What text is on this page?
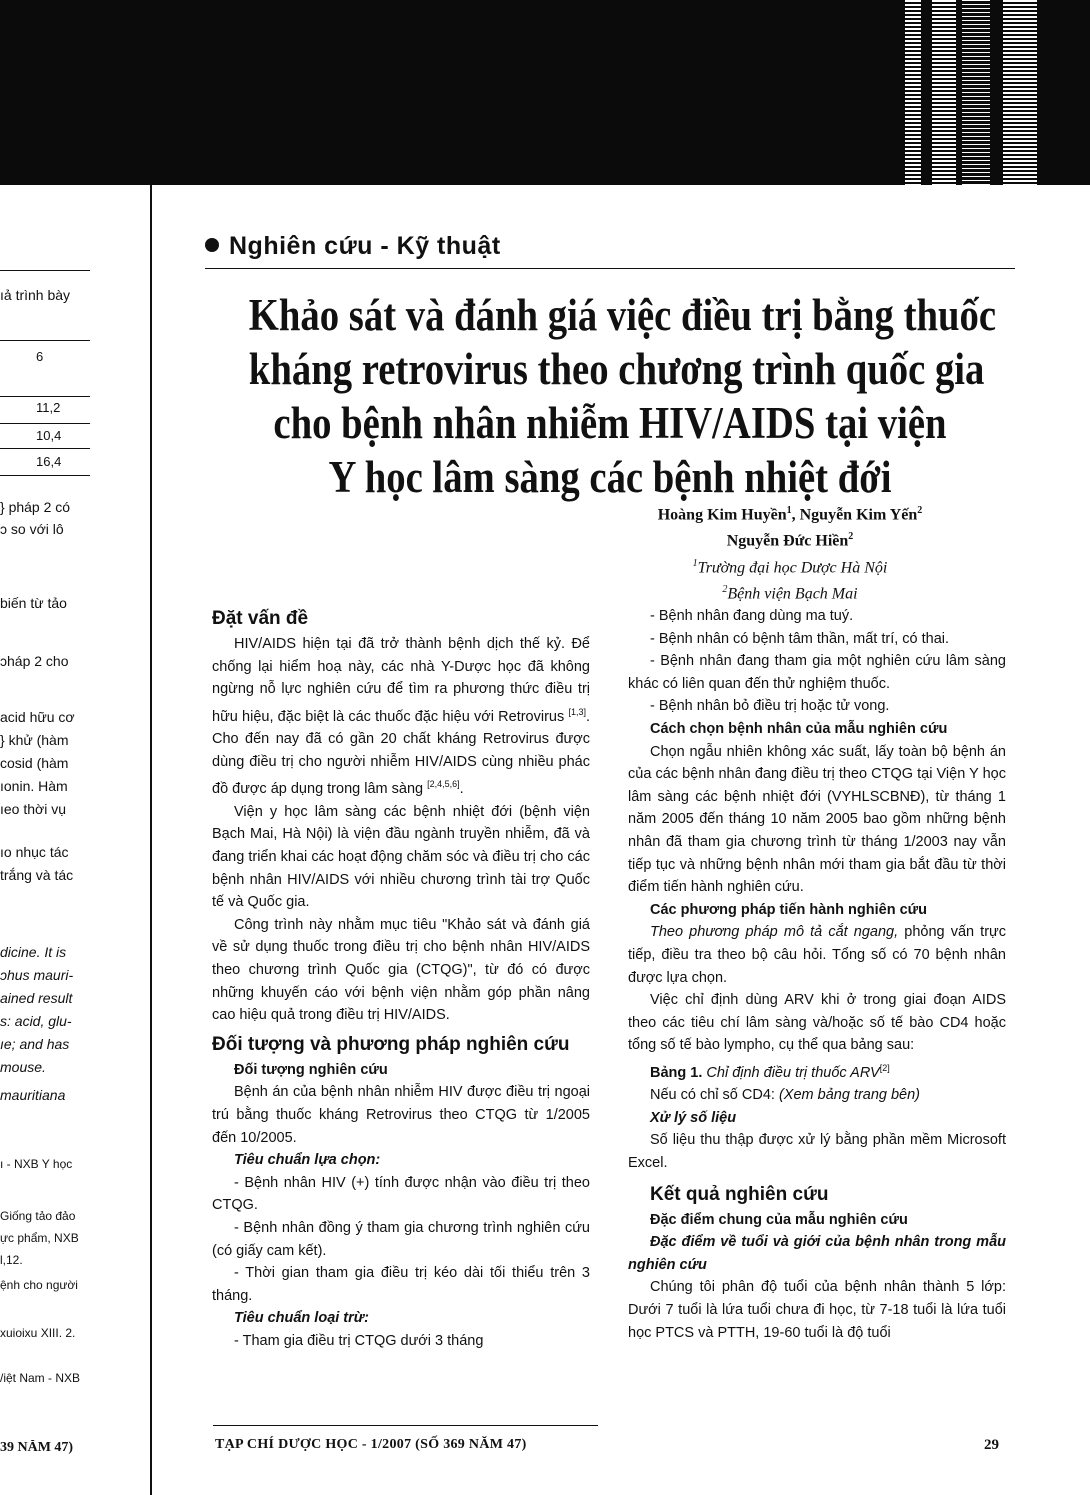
ıả trình bày
6
11,2
10,4
16,4
} pháp 2 có
ɔ so với lô
biến từ tảo
ɔháp 2 cho
acid hữu cơ
} khử (hàm
cosid (hàm
ıonin. Hàm
ıeo thời vụ
ıo nhục tác
trắng và tác
dicine. It is
ɔhus mauri-
ained result
s: acid, glu-
ıe; and has
mouse.
mauritiana
ı - NXB Y học
Giống tảo đảo
ực phẩm, NXB
l,12.
ệnh cho người
xuioixu XIII. 2.
/iệt Nam - NXB
39 NĂM 47)
Nghiên cứu - Kỹ thuật
Khảo sát và đánh giá việc điều trị bằng thuốc
kháng retrovirus theo chương trình quốc gia
cho bệnh nhân nhiễm HIV/AIDS tại viện
Y học lâm sàng các bệnh nhiệt đới
Hoàng Kim Huyền$^1$, Nguyễn Kim Yến$^2$
Nguyễn Đức Hiền$^2$
$^1$Trường đại học Dược Hà Nội
$^2$Bệnh viện Bạch Mai
Đặt vấn đề

HIV/AIDS hiện tại đã trở thành bệnh dịch thế kỷ. Để chống lại hiểm hoạ này, các nhà Y-Dược học đã không ngừng nỗ lực nghiên cứu để tìm ra phương thức điều trị hữu hiệu, đặc biệt là các thuốc đặc hiệu với Retrovirus [1,3]. Cho đến nay đã có gần 20 chất kháng Retrovirus được dùng điều trị cho người nhiễm HIV/AIDS cùng nhiều phác đồ được áp dụng trong lâm sàng [2,4,5,6].

Viện y học lâm sàng các bệnh nhiệt đới (bệnh viện Bạch Mai, Hà Nội) là viện đầu ngành truyền nhiễm, đã và đang triển khai các hoạt động chăm sóc và điều trị cho các bệnh nhân HIV/AIDS với nhiều chương trình tài trợ Quốc tế và Quốc gia.

Công trình này nhằm mục tiêu "Khảo sát và đánh giá về sử dụng thuốc trong điều trị cho bệnh nhân HIV/AIDS theo chương trình Quốc gia (CTQG)", từ đó có được những khuyến cáo với bệnh viện nhằm góp phần nâng cao hiệu quả trong điều trị HIV/AIDS.

Đối tượng và phương pháp nghiên cứu
Đối tượng nghiên cứu

Bệnh án của bệnh nhân nhiễm HIV được điều trị ngoại trú bằng thuốc kháng Retrovirus theo CTQG từ 1/2005 đến 10/2005.

Tiêu chuẩn lựa chọn:

- Bệnh nhân HIV (+) tính được nhận vào điều trị theo CTQG.

- Bệnh nhân đồng ý tham gia chương trình nghiên cứu (có giấy cam kết).

- Thời gian tham gia điều trị kéo dài tối thiểu trên 3 tháng.

Tiêu chuẩn loại trừ:

- Tham gia điều trị CTQG dưới 3 tháng

- Bệnh nhân đang dùng ma tuý.

- Bệnh nhân có bệnh tâm thần, mất trí, có thai.

- Bệnh nhân đang tham gia một nghiên cứu lâm sàng khác có liên quan đến thử nghiệm thuốc.

- Bệnh nhân bỏ điều trị hoặc tử vong.

Cách chọn bệnh nhân của mẫu nghiên cứu

Chọn ngẫu nhiên không xác suất, lấy toàn bộ bệnh án của các bệnh nhân đang điều trị theo CTQG tại Viện Y học lâm sàng các bệnh nhiệt đới (VYHLSCBNĐ), từ tháng 1 năm 2005 đến tháng 10 năm 2005 bao gồm những bệnh nhân đã tham gia chương trình từ tháng 1/2003 nay vẫn tiếp tục và những bệnh nhân mới tham gia bắt đầu từ thời điểm tiến hành nghiên cứu.

Các phương pháp tiến hành nghiên cứu

Theo phương pháp mô tả cắt ngang, phỏng vấn trực tiếp, điều tra theo bộ câu hỏi. Tổng số có 70 bệnh nhân được lựa chọn.

Việc chỉ định dùng ARV khi ở trong giai đoạn AIDS theo các tiêu chí lâm sàng và/hoặc số tế bào CD4 hoặc tổng số tế bào lympho, cụ thể qua bảng sau:

Bảng 1. Chỉ định điều trị thuốc ARV[2]

Nếu có chỉ số CD4: (Xem bảng trang bên)

Xử lý số liệu

Số liệu thu thập được xử lý bằng phần mềm Microsoft Excel.

Kết quả nghiên cứu
Đặc điểm chung của mẫu nghiên cứu

Đặc điểm về tuổi và giới của bệnh nhân trong mẫu nghiên cứu

Chúng tôi phân độ tuổi của bệnh nhân thành 5 lớp: Dưới 7 tuổi là lứa tuổi chưa đi học, từ 7-18 tuổi là lứa tuổi học PTCS và PTTH, 19-60 tuổi là độ tuổi

TẠP CHÍ DƯỢC HỌC - 1/2007 (SỐ 369 NĂM 47)	29
